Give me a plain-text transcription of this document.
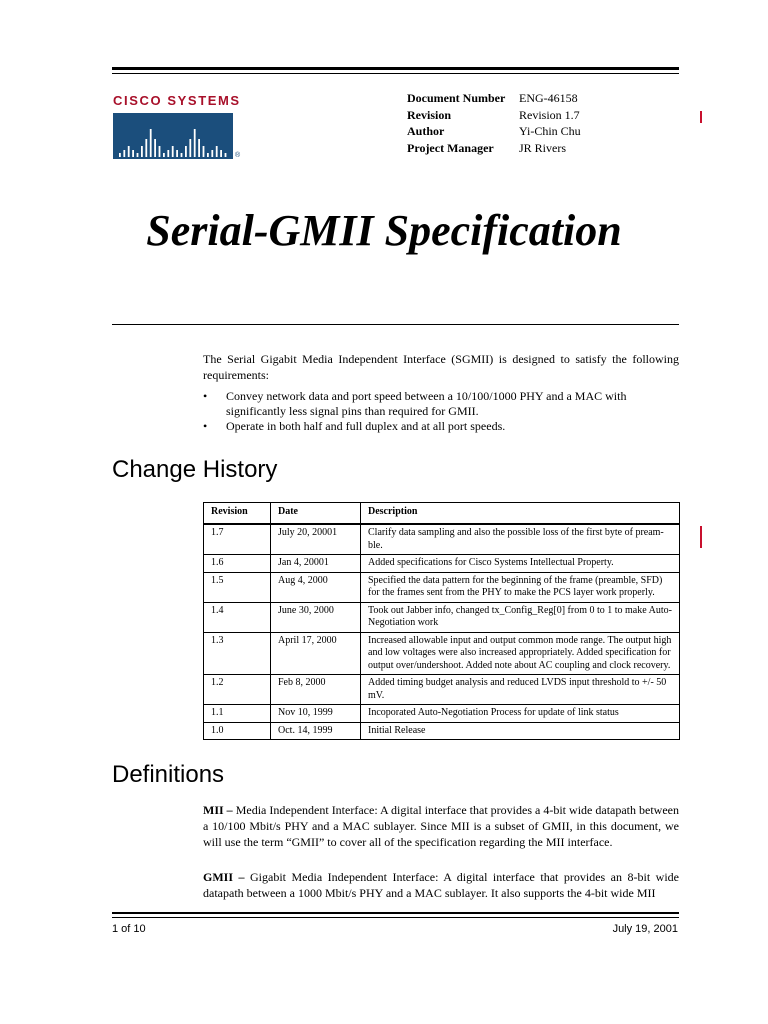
CISCO SYSTEMS
®
Document Number	ENG-46158
Revision	Revision 1.7
Author	Yi-Chin Chu
Project Manager	JR Rivers
Serial-GMII Specification
The Serial Gigabit Media Independent Interface (SGMII) is designed to satisfy the following requirements:
• Convey network data and port speed between a 10/100/1000 PHY and a MAC with significantly less signal pins than required for GMII.
• Operate in both half and full duplex and at all port speeds.
Change History
Revision	Date	Description
1.7	July 20, 20001	Clarify data sampling and also the possible loss of the first byte of pream-ble.
1.6	Jan 4, 20001	Added specifications for Cisco Systems Intellectual Property.
1.5	Aug 4, 2000	Specified the data pattern for the beginning of the frame (preamble, SFD) for the frames sent from the PHY to make the PCS layer work properly.
1.4	June 30, 2000	Took out Jabber info, changed tx_Config_Reg[0] from 0 to 1 to make Auto-Negotiation work
1.3	April 17, 2000	Increased allowable input and output common mode range. The output high and low voltages were also increased appropriately. Added specification for output over/undershoot. Added note about AC coupling and clock recovery.
1.2	Feb 8, 2000	Added timing budget analysis and reduced LVDS input threshold to +/- 50 mV.
1.1	Nov 10, 1999	Incoporated Auto-Negotiation Process for update of link status
1.0	Oct. 14, 1999	Initial Release
Definitions

MII – Media Independent Interface: A digital interface that provides a 4-bit wide datapath between a 10/100 Mbit/s PHY and a MAC sublayer. Since MII is a subset of GMII, in this document, we will use the term “GMII” to cover all of the specification regarding the MII interface.

GMII – Gigabit Media Independent Interface: A digital interface that provides an 8-bit wide datapath between a 1000 Mbit/s PHY and a MAC sublayer. It also supports the 4-bit wide MII

1 of 10	July 19, 2001
